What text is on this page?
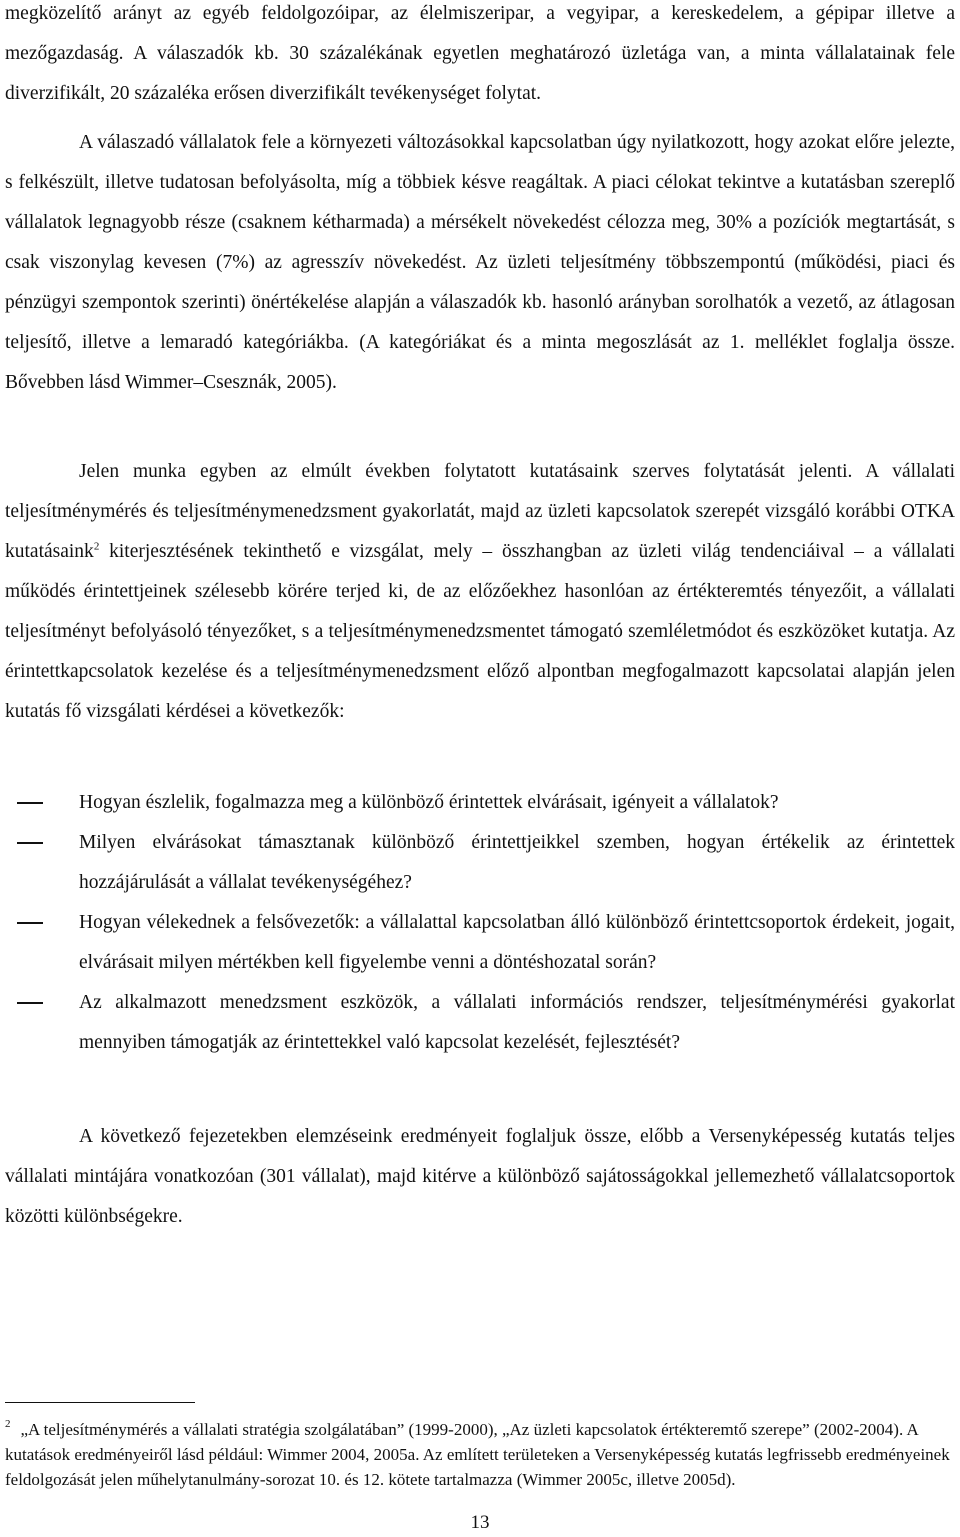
megközelítő arányt az egyéb feldolgozóipar, az élelmiszeripar, a vegyipar, a kereskedelem, a gépipar illetve a mezőgazdaság. A válaszadók kb. 30 százalékának egyetlen meghatározó üzletága van, a minta vállalatainak fele diverzifikált, 20 százaléka erősen diverzifikált tevékenységet folytat.

A válaszadó vállalatok fele a környezeti változásokkal kapcsolatban úgy nyilatkozott, hogy azokat előre jelezte, s felkészült, illetve tudatosan befolyásolta, míg a többiek késve reagáltak. A piaci célokat tekintve a kutatásban szereplő vállalatok legnagyobb része (csaknem kétharmada) a mérsékelt növekedést célozza meg, 30% a pozíciók megtartását, s csak viszonylag kevesen (7%) az agresszív növekedést. Az üzleti teljesítmény többszempontú (működési, piaci és pénzügyi szempontok szerinti) önértékelése alapján a válaszadók kb. hasonló arányban sorolhatók a vezető, az átlagosan teljesítő, illetve a lemaradó kategóriákba. (A kategóriákat és a minta megoszlását az 1. melléklet foglalja össze. Bővebben lásd Wimmer–Csesznák, 2005).

Jelen munka egyben az elmúlt években folytatott kutatásaink szerves folytatását jelenti. A vállalati teljesítménymérés és teljesítménymenedzsment gyakorlatát, majd az üzleti kapcsolatok szerepét vizsgáló korábbi OTKA kutatásaink$^2$ kiterjesztésének tekinthető e vizsgálat, mely – összhangban az üzleti világ tendenciáival – a vállalati működés érintettjeinek szélesebb körére terjed ki, de az előzőekhez hasonlóan az értékteremtés tényezőit, a vállalati teljesítményt befolyásoló tényezőket, s a teljesítménymenedzsmentet támogató szemléletmódot és eszközöket kutatja. Az érintettkapcsolatok kezelése és a teljesítménymenedzsment előző alpontban megfogalmazott kapcsolatai alapján jelen kutatás fő vizsgálati kérdései a következők:

Hogyan észlelik, fogalmazza meg a különböző érintettek elvárásait, igényeit a vállalatok?
Milyen elvárásokat támasztanak különböző érintettjeikkel szemben, hogyan értékelik az érintettek hozzájárulását a vállalat tevékenységéhez?
Hogyan vélekednek a felsővezetők: a vállalattal kapcsolatban álló különböző érintettcsoportok érdekeit, jogait, elvárásait milyen mértékben kell figyelembe venni a döntéshozatal során?
Az alkalmazott menedzsment eszközök, a vállalati információs rendszer, teljesítménymérési gyakorlat mennyiben támogatják az érintettekkel való kapcsolat kezelését, fejlesztését?

A következő fejezetekben elemzéseink eredményeit foglaljuk össze, előbb a Versenyképesség kutatás teljes vállalati mintájára vonatkozóan (301 vállalat), majd kitérve a különböző sajátosságokkal jellemezhető vállalatcsoportok közötti különbségekre.

$^2$ „A teljesítménymérés a vállalati stratégia szolgálatában” (1999-2000), „Az üzleti kapcsolatok értékteremtő szerepe” (2002-2004). A kutatások eredményeiről lásd például: Wimmer 2004, 2005a. Az említett területeken a Versenyképesség kutatás legfrissebb eredményeinek feldolgozását jelen műhelytanulmány-sorozat 10. és 12. kötete tartalmazza (Wimmer 2005c, illetve 2005d).

13
